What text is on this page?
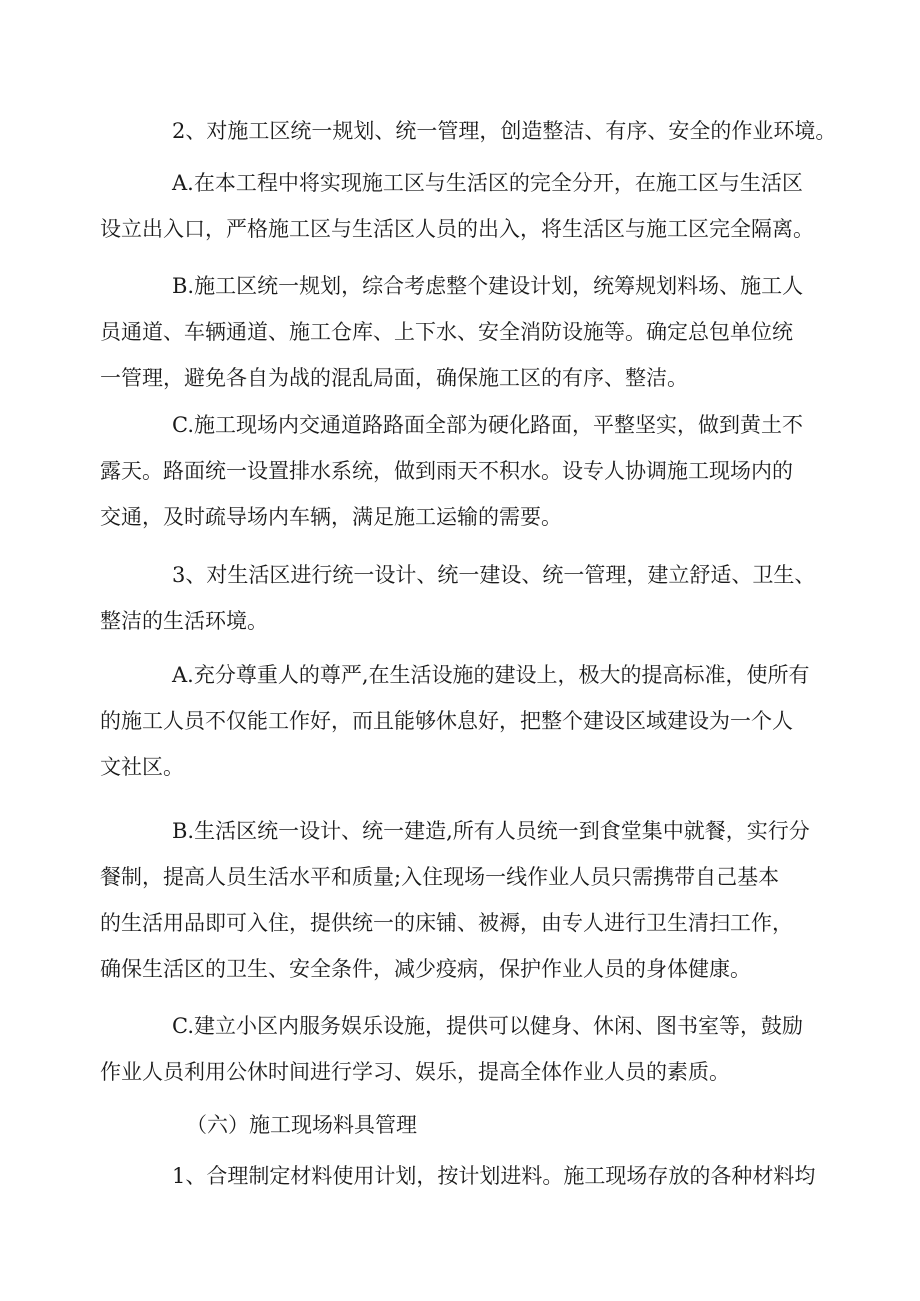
2、对施工区统一规划、统一管理，创造整洁、有序、安全的作业环境。

A.在本工程中将实现施工区与生活区的完全分开，在施工区与生活区
设立出入口，严格施工区与生活区人员的出入，将生活区与施工区完全隔离。

B.施工区统一规划，综合考虑整个建设计划，统筹规划料场、施工人
员通道、车辆通道、施工仓库、上下水、安全消防设施等。确定总包单位统
一管理，避免各自为战的混乱局面，确保施工区的有序、整洁。

C.施工现场内交通道路路面全部为硬化路面，平整坚实，做到黄土不
露天。路面统一设置排水系统，做到雨天不积水。设专人协调施工现场内的
交通，及时疏导场内车辆，满足施工运输的需要。

3、对生活区进行统一设计、统一建设、统一管理，建立舒适、卫生、
整洁的生活环境。

A.充分尊重人的尊严,在生活设施的建设上，极大的提高标准，使所有
的施工人员不仅能工作好，而且能够休息好，把整个建设区域建设为一个人
文社区。

B.生活区统一设计、统一建造,所有人员统一到食堂集中就餐，实行分
餐制，提高人员生活水平和质量;入住现场一线作业人员只需携带自己基本
的生活用品即可入住，提供统一的床铺、被褥，由专人进行卫生清扫工作，
确保生活区的卫生、安全条件，减少疫病，保护作业人员的身体健康。

C.建立小区内服务娱乐设施，提供可以健身、休闲、图书室等，鼓励
作业人员利用公休时间进行学习、娱乐，提高全体作业人员的素质。

（六）施工现场料具管理

1、合理制定材料使用计划，按计划进料。施工现场存放的各种材料均
